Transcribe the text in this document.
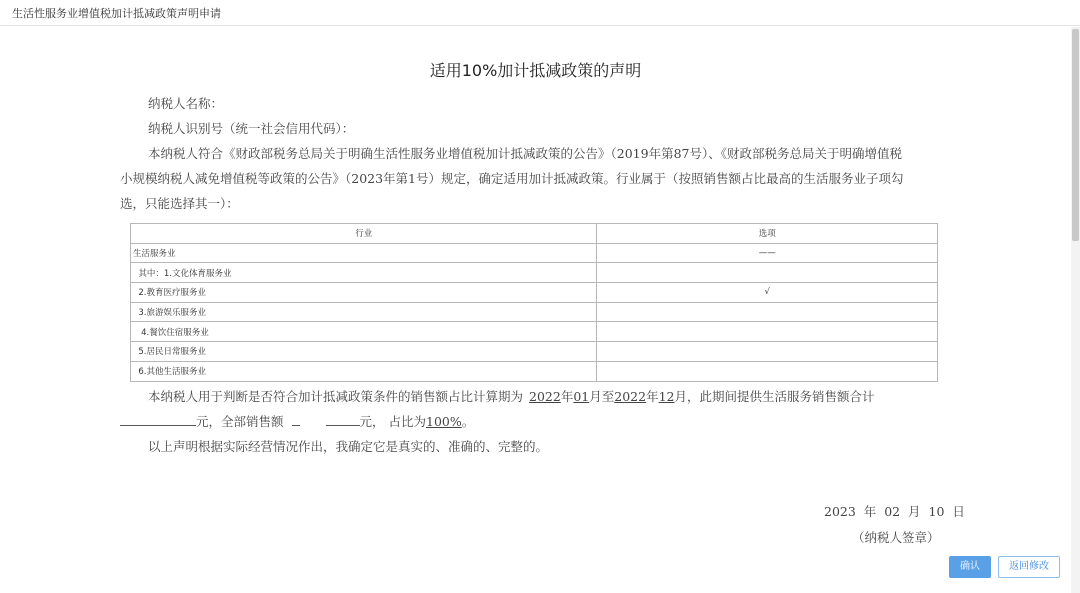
生活性服务业增值税加计抵减政策声明申请
适用10%加计抵减政策的声明
纳税人名称：
纳税人识别号（统一社会信用代码）：
本纳税人符合《财政部税务总局关于明确生活性服务业增值税加计抵减政策的公告》（2019年第87号）、《财政部税务总局关于明确增值税
小规模纳税人减免增值税等政策的公告》（2023年第1号）规定，确定适用加计抵减政策。行业属于（按照销售额占比最高的生活服务业子项勾
选，只能选择其一）：
行业	选项
生活服务业	——
其中：1.文化体育服务业	
2.教育医疗服务业	√
3.旅游娱乐服务业	
4.餐饮住宿服务业	
5.居民日常服务业	
6.其他生活服务业	
本纳税人用于判断是否符合加计抵减政策条件的销售额占比计算期为 2022年01月至2022年12月，此期间提供生活服务销售额合计
元，全部销售额	元， 占比为100%。
以上声明根据实际经营情况作出，我确定它是真实的、准确的、完整的。
2023  年  02  月  10  日
（纳税人签章）
确认	返回修改
